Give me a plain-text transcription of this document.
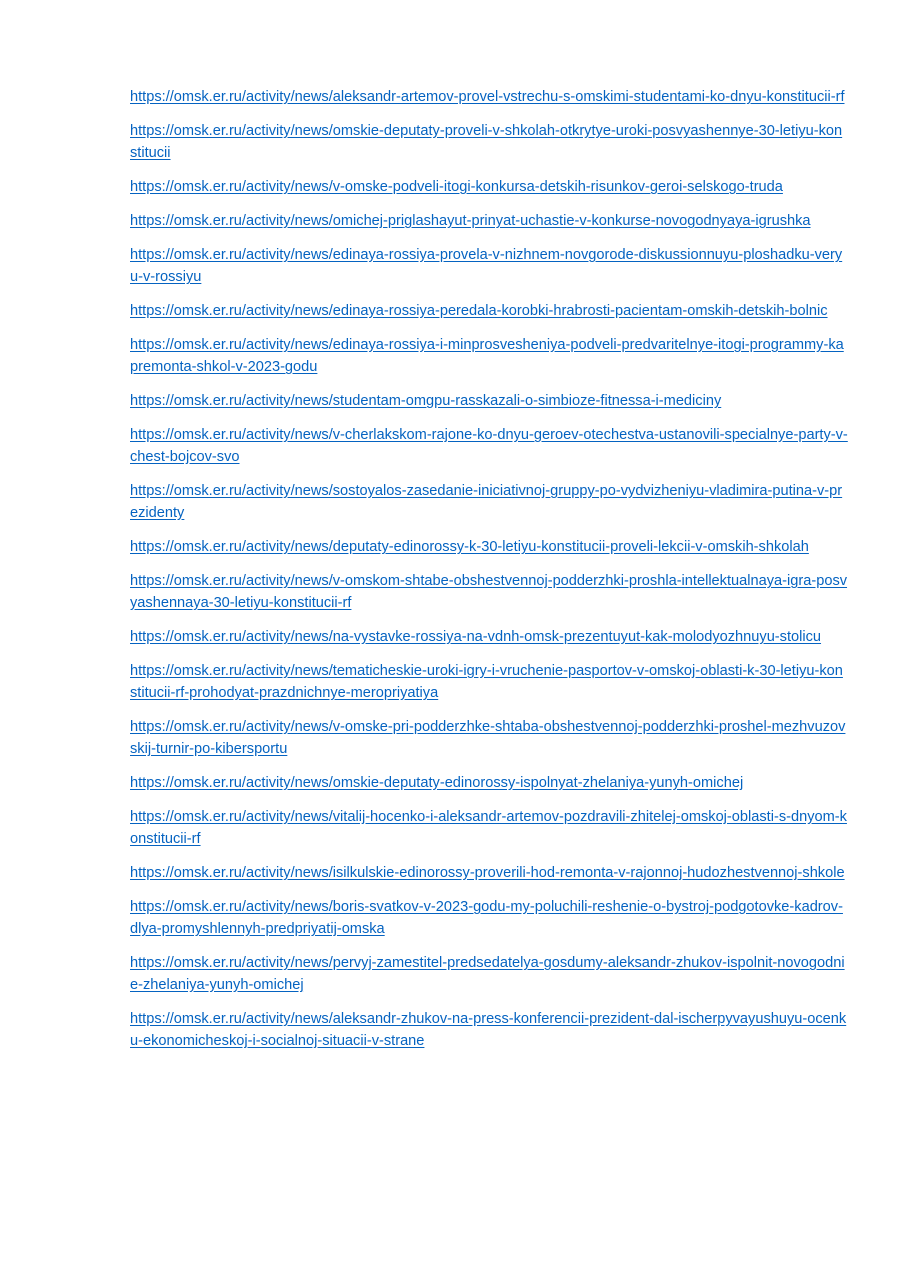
https://omsk.er.ru/activity/news/aleksandr-artemov-provel-vstrechu-s-omskimi-studentami-ko-dnyu-konstitucii-rf
https://omsk.er.ru/activity/news/omskie-deputaty-proveli-v-shkolah-otkrytye-uroki-posvyashennye-30-letiyu-konstitucii
https://omsk.er.ru/activity/news/v-omske-podveli-itogi-konkursa-detskih-risunkov-geroi-selskogo-truda
https://omsk.er.ru/activity/news/omichej-priglashayut-prinyat-uchastie-v-konkurse-novogodnyaya-igrushka
https://omsk.er.ru/activity/news/edinaya-rossiya-provela-v-nizhnem-novgorode-diskussionnuyu-ploshadku-veryu-v-rossiyu
https://omsk.er.ru/activity/news/edinaya-rossiya-peredala-korobki-hrabrosti-pacientam-omskih-detskih-bolnic
https://omsk.er.ru/activity/news/edinaya-rossiya-i-minprosvesheniya-podveli-predvaritelnye-itogi-programmy-kapremonta-shkol-v-2023-godu
https://omsk.er.ru/activity/news/studentam-omgpu-rasskazali-o-simbioze-fitnessa-i-mediciny
https://omsk.er.ru/activity/news/v-cherlakskom-rajone-ko-dnyu-geroev-otechestva-ustanovili-specialnye-party-v-chest-bojcov-svo
https://omsk.er.ru/activity/news/sostoyalos-zasedanie-iniciativnoj-gruppy-po-vydvizheniyu-vladimira-putina-v-prezidenty
https://omsk.er.ru/activity/news/deputaty-edinorossy-k-30-letiyu-konstitucii-proveli-lekcii-v-omskih-shkolah
https://omsk.er.ru/activity/news/v-omskom-shtabe-obshestvennoj-podderzhki-proshla-intellektualnaya-igra-posvyashennaya-30-letiyu-konstitucii-rf
https://omsk.er.ru/activity/news/na-vystavke-rossiya-na-vdnh-omsk-prezentuyut-kak-molodyozhnuyu-stolicu
https://omsk.er.ru/activity/news/tematicheskie-uroki-igry-i-vruchenie-pasportov-v-omskoj-oblasti-k-30-letiyu-konstitucii-rf-prohodyat-prazdnichnye-meropriyatiya
https://omsk.er.ru/activity/news/v-omske-pri-podderzhke-shtaba-obshestvennoj-podderzhki-proshel-mezhvuzovskij-turnir-po-kibersportu
https://omsk.er.ru/activity/news/omskie-deputaty-edinorossy-ispolnyat-zhelaniya-yunyh-omichej
https://omsk.er.ru/activity/news/vitalij-hocenko-i-aleksandr-artemov-pozdravili-zhitelej-omskoj-oblasti-s-dnyom-konstitucii-rf
https://omsk.er.ru/activity/news/isilkulskie-edinorossy-proverili-hod-remonta-v-rajonnoj-hudozhestvennoj-shkole
https://omsk.er.ru/activity/news/boris-svatkov-v-2023-godu-my-poluchili-reshenie-o-bystroj-podgotovke-kadrov-dlya-promyshlennyh-predpriyatij-omska
https://omsk.er.ru/activity/news/pervyj-zamestitel-predsedatelya-gosdumy-aleksandr-zhukov-ispolnit-novogodnie-zhelaniya-yunyh-omichej
https://omsk.er.ru/activity/news/aleksandr-zhukov-na-press-konferencii-prezident-dal-ischerpyvayushuyu-ocenku-ekonomicheskoj-i-socialnoj-situacii-v-strane
